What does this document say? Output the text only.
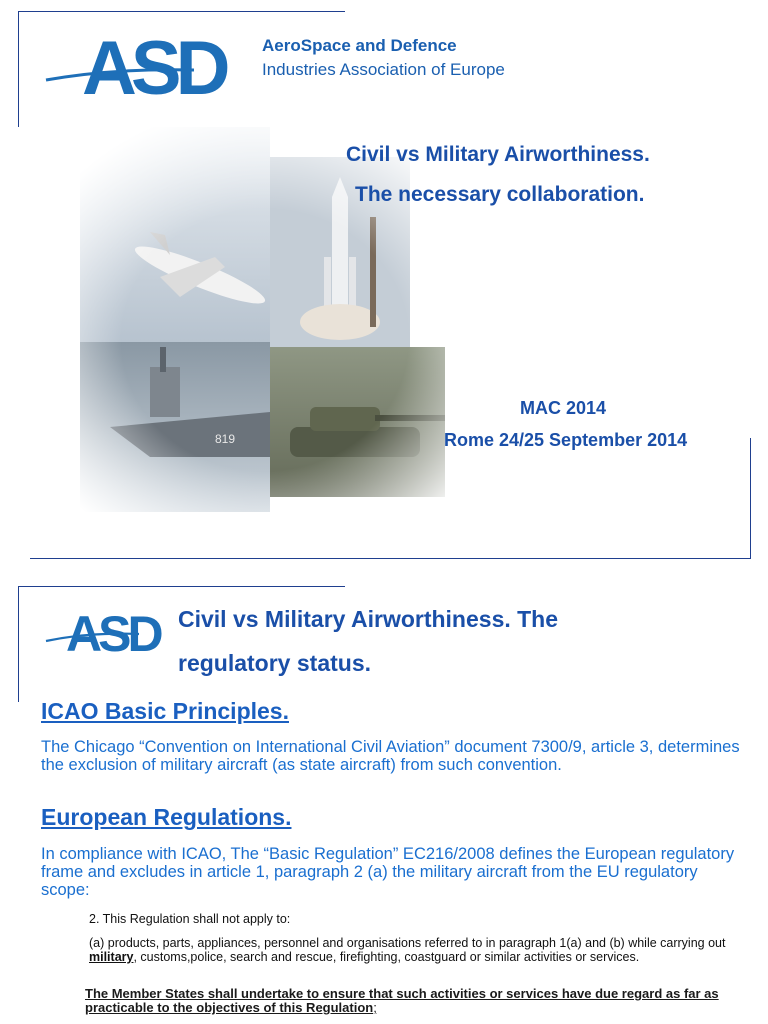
ASD AeroSpace and Defence
Industries Association of Europe
Civil vs Military Airworthiness.
The necessary collaboration.
MAC 2014
Rome 24/25 September 2014
ASD Civil vs Military Airworthiness. The
regulatory status.
ICAO Basic Principles.
The Chicago “Convention on International Civil Aviation” document 7300/9, article 3, determines the exclusion of military aircraft (as state aircraft) from such convention.
European Regulations.
In compliance with ICAO, The “Basic Regulation” EC216/2008 defines the European regulatory frame and excludes in article 1, paragraph 2 (a) the military aircraft from the EU regulatory scope:
2. This Regulation shall not apply to:
(a) products, parts, appliances, personnel and organisations referred to in paragraph 1(a) and (b) while carrying out military, customs,police, search and rescue, firefighting, coastguard or similar activities or services.
The Member States shall undertake to ensure that such activities or services have due regard as far as practicable to the objectives of this Regulation;
